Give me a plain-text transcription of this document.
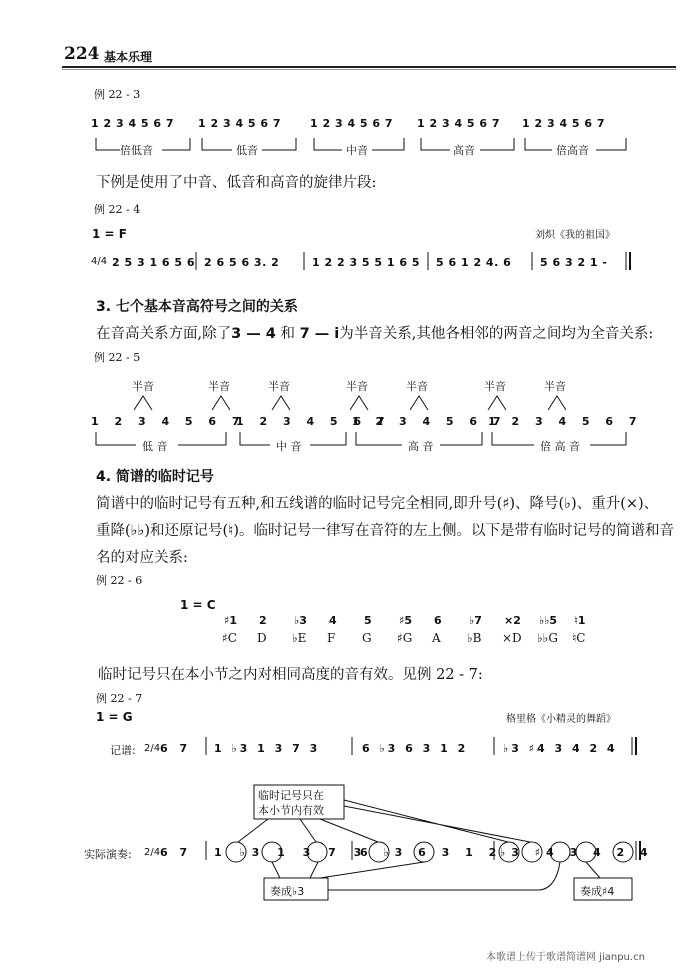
224 基本乐理
例 22 - 3
1 2 3 4 5 6 7 1 2 3 4 5 6 7	1 2 3 4 5 6 7 1 2 3 4 5 6 7 1 2 3 4 5 6 7
倍低音	低音	中音	高音	倍高音
下例是使用了中音、低音和高音的旋律片段:
例 22 - 4
1 = F	刘炽《我的祖国》
4/4 2 5 3 1 6 5 6 2 6 5 6 3. 2	1 2 2 3 5 5 1 6 5 5 6 1 2 4. 6	5 6 3 2 1 -
3. 七个基本音高符号之间的关系
在音高关系方面,除了3 — 4 和 7 — i为半音关系,其他各相邻的两音之间均为全音关系:
例 22 - 5
半音	半音	半音	半音	半音	半音	半音
1 2 3 4 5 6 7
1 2 3 4 5 6 7
1 2 3 4 5 6 7
1 2 3 4 5 6 7
低 音	中 音	高 音	倍 高 音
4. 简谱的临时记号
简谱中的临时记号有五种,和五线谱的临时记号完全相同,即升号(♯)、降号(♭)、重升(×)、
重降(♭♭)和还原记号(♮)。临时记号一律写在音符的左上侧。以下是带有临时记号的简谱和音
名的对应关系:
例 22 - 6
1 = C
♯1 2 ♭3 4 5 ♯5 6 ♭7 ×2 ♭♭5 ♮1
♯C D ♭E F G ♯G A ♭B ×D ♭♭G ♮C
临时记号只在本小节之内对相同高度的音有效。见例 22 - 7:
例 22 - 7
1 = G	格里格《小精灵的舞蹈》
记谱: 2/4 6 7 1 ♭3 1 3 7 3	6 ♭3 6 3 1 2	♭3 ♯4 3 4 2 4
临时记号只在
本小节内有效
实际演奏: 2/4 6 7 1 ♭3 1 3 7 3
6 ♭3 6 3 1 2
♭3 ♯4 3 4 2 4
奏成♭3	奏成♯4
本歌谱上传于歌谱简谱网 jianpu.cn
